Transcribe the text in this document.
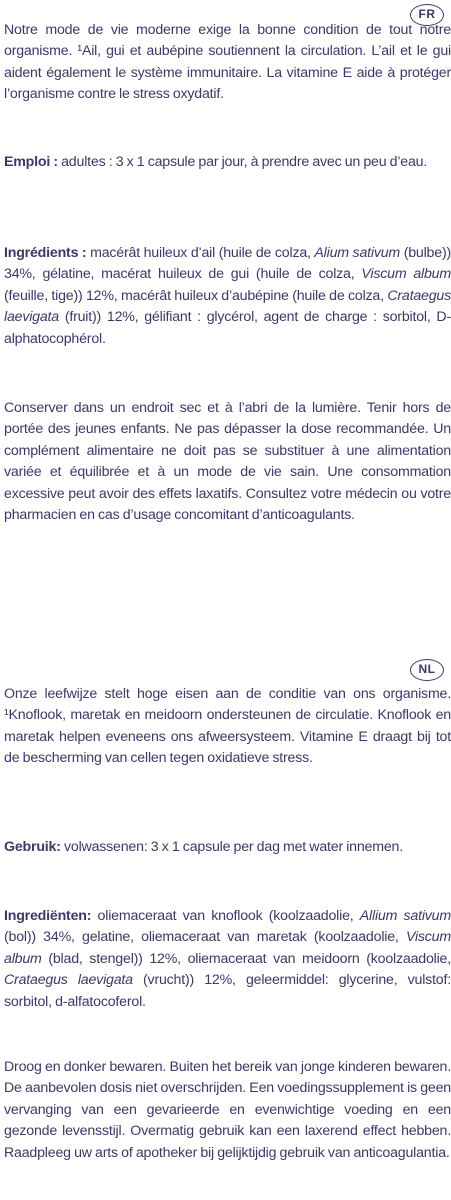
FR

Notre mode de vie moderne exige la bonne condition de tout notre organisme. ¹Ail, gui et aubépine soutiennent la circulation. L’ail et le gui aident également le système immunitaire. La vitamine E aide à protéger l’organisme contre le stress oxydatif.

Emploi : adultes : 3 x 1 capsule par jour, à prendre avec un peu d’eau.

Ingrédients : macérât huileux d’ail (huile de colza, Alium sativum (bulbe)) 34%, gélatine, macérat huileux de gui (huile de colza, Viscum album (feuille, tige)) 12%, macérât huileux d’aubépine (huile de colza, Crataegus laevigata (fruit)) 12%, gélifiant : glycérol, agent de charge : sorbitol, D-alphatocophérol.

Conserver dans un endroit sec et à l’abri de la lumière. Tenir hors de portée des jeunes enfants. Ne pas dépasser la dose recommandée. Un complément alimentaire ne doit pas se substituer à une alimentation variée et équilibrée et à un mode de vie sain. Une consommation excessive peut avoir des effets laxatifs. Consultez votre médecin ou votre pharmacien en cas d’usage concomitant d’anticoagulants.

NL

Onze leefwijze stelt hoge eisen aan de conditie van ons organisme. ¹Knoflook, maretak en meidoorn ondersteunen de circulatie. Knoflook en maretak helpen eveneens ons afweersysteem. Vitamine E draagt bij tot de bescherming van cellen tegen oxidatieve stress.

Gebruik: volwassenen: 3 x 1 capsule per dag met water innemen.

Ingrediënten: oliemaceraat van knoflook (koolzaadolie, Allium sativum (bol)) 34%, gelatine, oliemaceraat van maretak (koolzaadolie, Viscum album (blad, stengel)) 12%, oliemaceraat van meidoorn (koolzaadolie, Crataegus laevigata (vrucht)) 12%, geleermiddel: glycerine, vulstof: sorbitol, d-alfatocoferol.

Droog en donker bewaren. Buiten het bereik van jonge kinderen bewaren. De aanbevolen dosis niet overschrijden. Een voedingssupplement is geen vervanging van een gevarieerde en evenwichtige voeding en een gezonde levensstijl. Overmatig gebruik kan een laxerend effect hebben. Raadpleeg uw arts of apotheker bij gelijktijdig gebruik van anticoagulantia.
